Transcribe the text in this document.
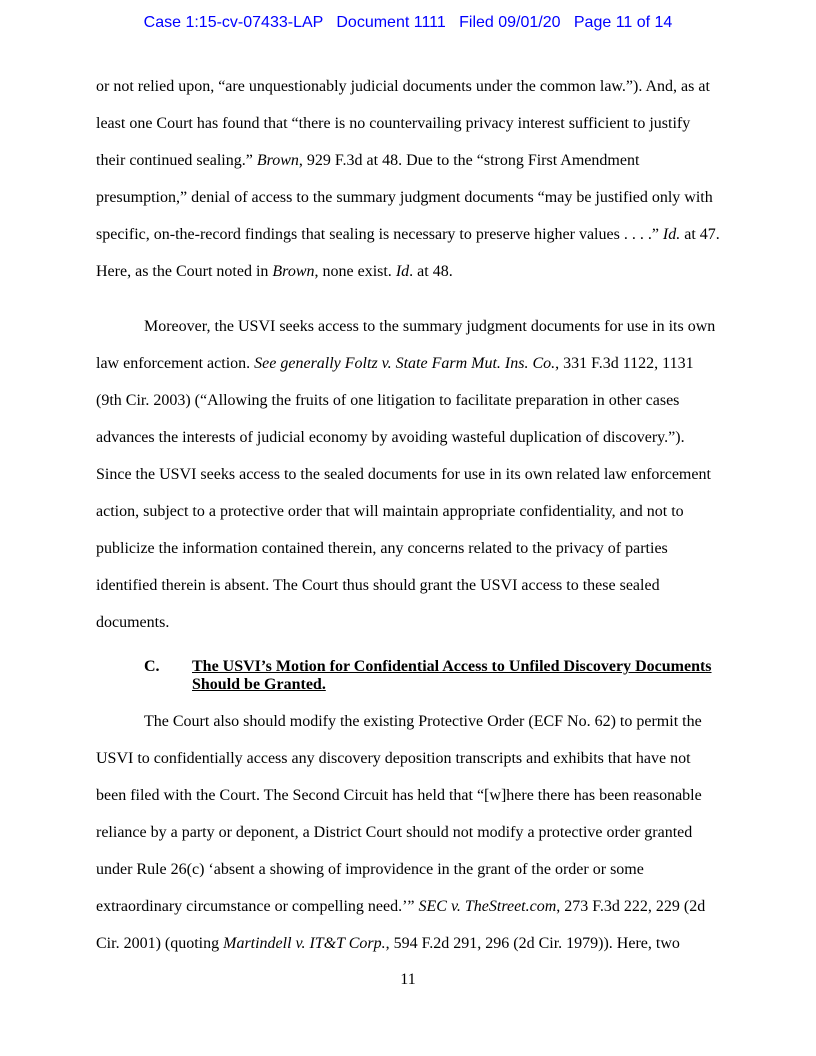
Case 1:15-cv-07433-LAP Document 1111 Filed 09/01/20 Page 11 of 14
or not relied upon, “are unquestionably judicial documents under the common law.”). And, as at
least one Court has found that “there is no countervailing privacy interest sufficient to justify
their continued sealing.” Brown, 929 F.3d at 48. Due to the “strong First Amendment
presumption,” denial of access to the summary judgment documents “may be justified only with
specific, on-the-record findings that sealing is necessary to preserve higher values . . . .” Id. at 47.
Here, as the Court noted in Brown, none exist. Id. at 48.
Moreover, the USVI seeks access to the summary judgment documents for use in its own
law enforcement action. See generally Foltz v. State Farm Mut. Ins. Co., 331 F.3d 1122, 1131
(9th Cir. 2003) (“Allowing the fruits of one litigation to facilitate preparation in other cases
advances the interests of judicial economy by avoiding wasteful duplication of discovery.”).
Since the USVI seeks access to the sealed documents for use in its own related law enforcement
action, subject to a protective order that will maintain appropriate confidentiality, and not to
publicize the information contained therein, any concerns related to the privacy of parties
identified therein is absent. The Court thus should grant the USVI access to these sealed
documents.
C. The USVI’s Motion for Confidential Access to Unfiled Discovery Documents
Should be Granted.
The Court also should modify the existing Protective Order (ECF No. 62) to permit the
USVI to confidentially access any discovery deposition transcripts and exhibits that have not
been filed with the Court. The Second Circuit has held that “[w]here there has been reasonable
reliance by a party or deponent, a District Court should not modify a protective order granted
under Rule 26(c) ‘absent a showing of improvidence in the grant of the order or some
extraordinary circumstance or compelling need.’” SEC v. TheStreet.com, 273 F.3d 222, 229 (2d
Cir. 2001) (quoting Martindell v. IT&T Corp., 594 F.2d 291, 296 (2d Cir. 1979)). Here, two
11
